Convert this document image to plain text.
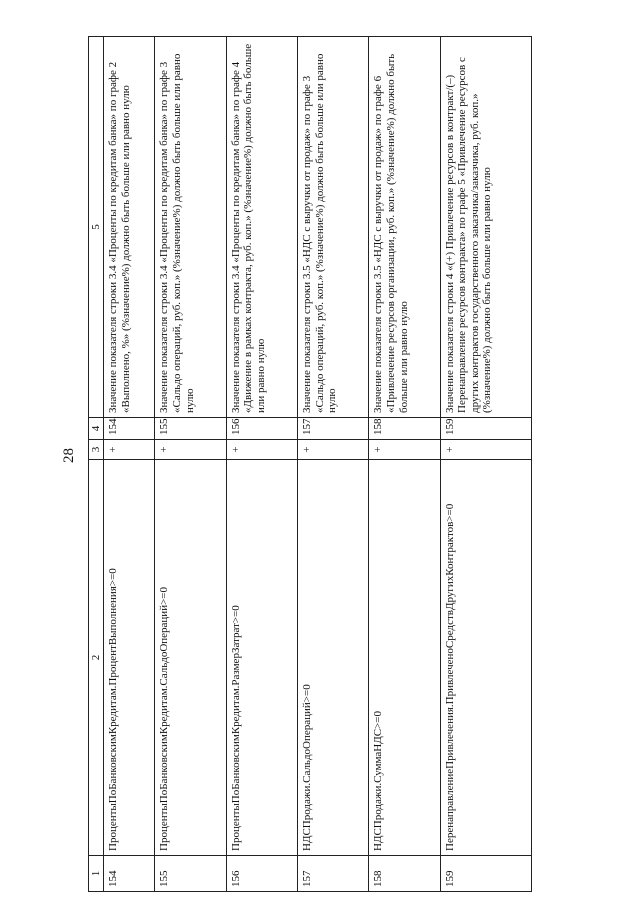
28
1	2	3	4	5
154	ПроцентыПоБанковскимКредитам.ПроцентВыполнения>=0	+	154	Значение показателя строки 3.4 «Проценты по кредитам банка» по графе 2 «Выполнено, %» (%значение%) должно быть больше или равно нулю
155	ПроцентыПоБанковскимКредитам.СальдоОпераций>=0	+	155	Значение показателя строки 3.4 «Проценты по кредитам банка» по графе 3 «Сальдо операций, руб. коп.» (%значение%) должно быть больше или равно нулю
156	ПроцентыПоБанковскимКредитам.РазмерЗатрат>=0	+	156	Значение показателя строки 3.4 «Проценты по кредитам банка» по графе 4 «Движение в рамках контракта, руб. коп.» (%значение%) должно быть больше или равно нулю
157	НДСПродажи.СальдоОпераций>=0	+	157	Значение показателя строки 3.5 «НДС с выручки от продаж» по графе 3 «Сальдо операций, руб. коп.» (%значение%) должно быть больше или равно нулю
158	НДСПродажи.СуммаНДС>=0	+	158	Значение показателя строки 3.5 «НДС с выручки от продаж» по графе 6 «Привлечение ресурсов организации, руб. коп.» (%значение%) должно быть больше или равно нулю
159	ПеренаправлениеПривлечения.ПривлеченоСредствДругихКонтрактов>=0	+	159	Значение показателя строки 4 «(+) Привлечение ресурсов в контракт/(–) Перенаправление ресурсов контракта» по графе 5 «Привлечение ресурсов с других контрактов государственного заказчика/заказчика, руб. коп.» (%значение%) должно быть больше или равно нулю
